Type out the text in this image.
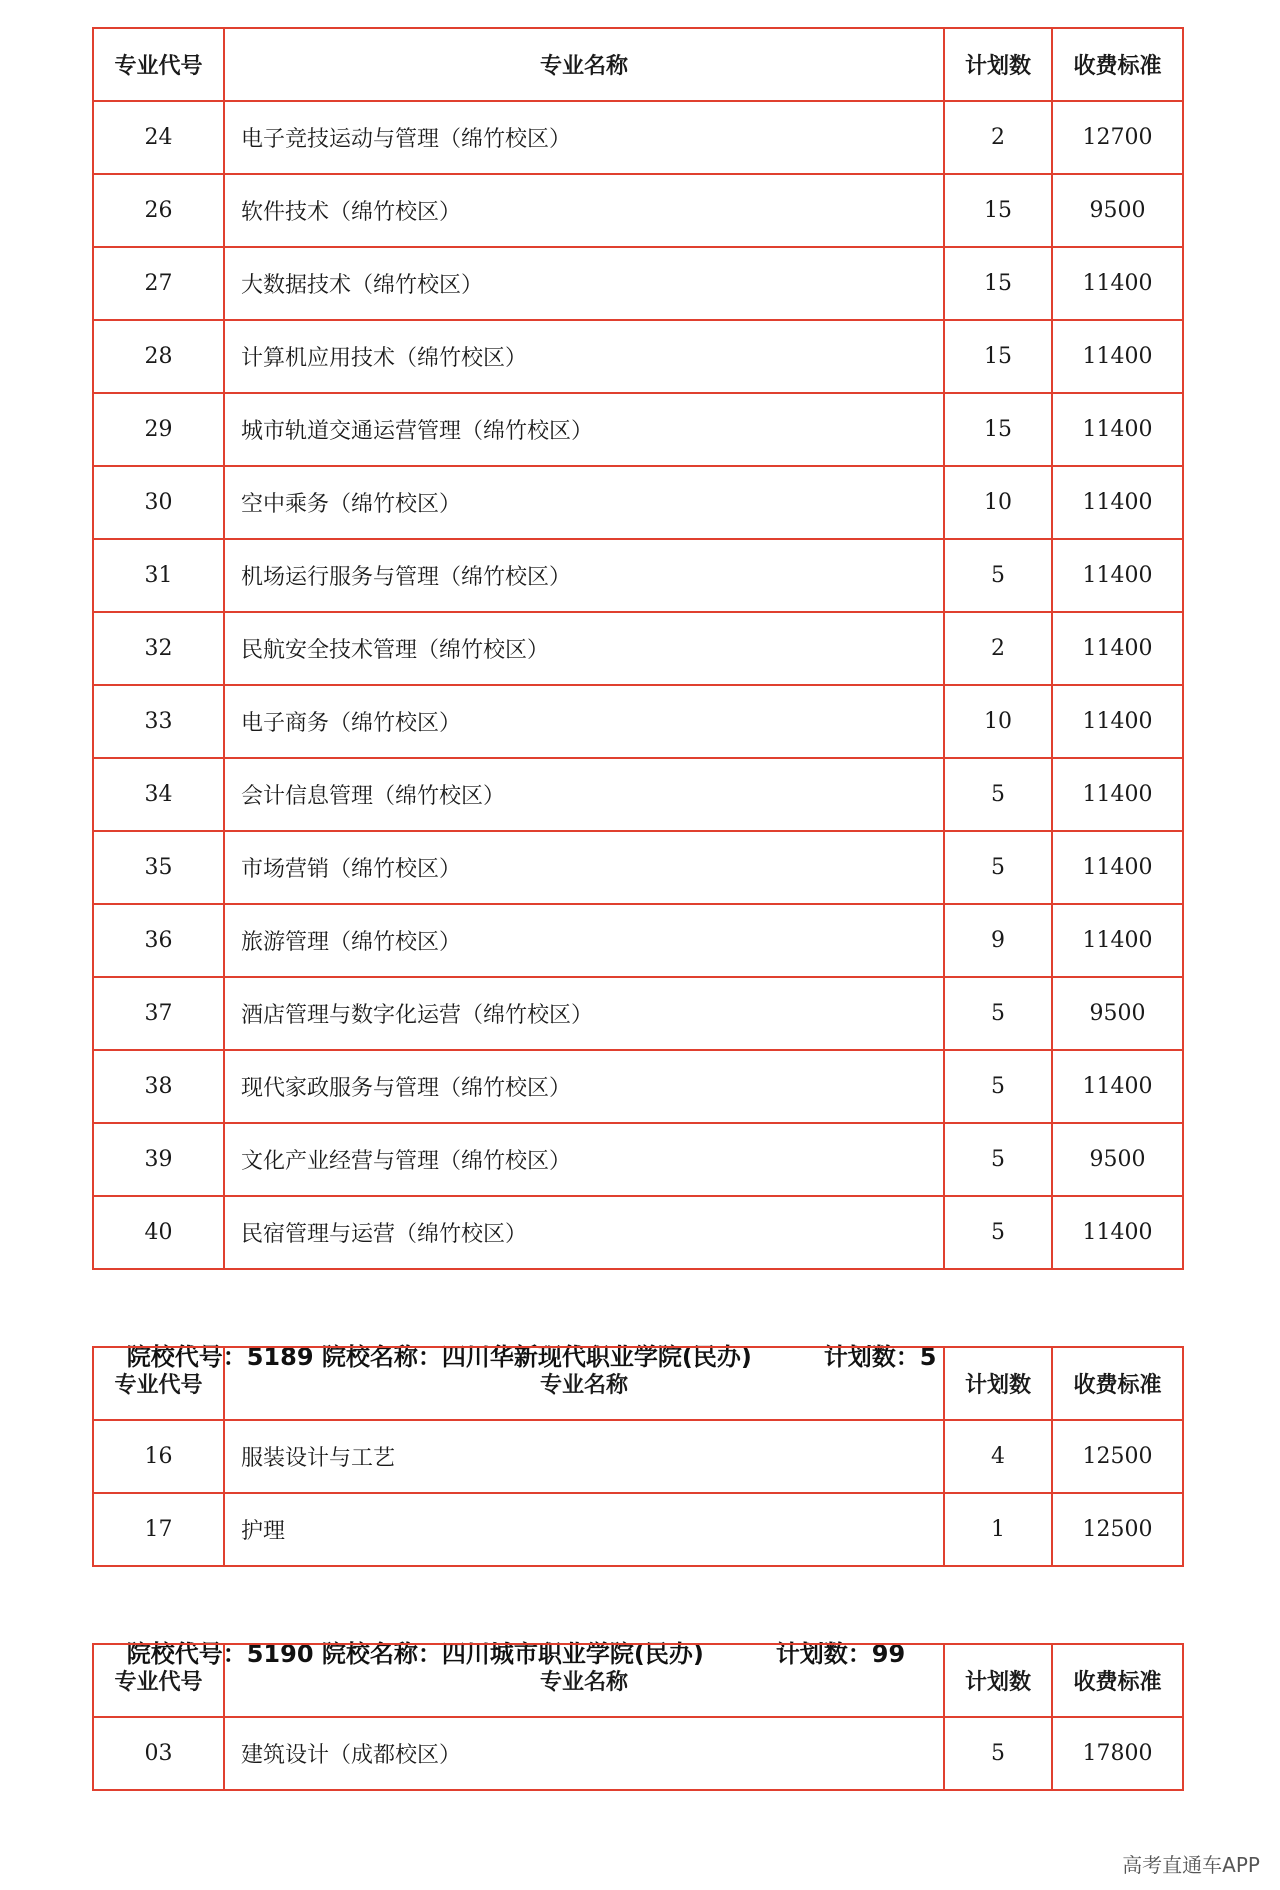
专业代号	专业名称	计划数	收费标准
24	电子竞技运动与管理（绵竹校区）	2	12700
26	软件技术（绵竹校区）	15	9500
27	大数据技术（绵竹校区）	15	11400
28	计算机应用技术（绵竹校区）	15	11400
29	城市轨道交通运营管理（绵竹校区）	15	11400
30	空中乘务（绵竹校区）	10	11400
31	机场运行服务与管理（绵竹校区）	5	11400
32	民航安全技术管理（绵竹校区）	2	11400
33	电子商务（绵竹校区）	10	11400
34	会计信息管理（绵竹校区）	5	11400
35	市场营销（绵竹校区）	5	11400
36	旅游管理（绵竹校区）	9	11400
37	酒店管理与数字化运营（绵竹校区）	5	9500
38	现代家政服务与管理（绵竹校区）	5	11400
39	文化产业经营与管理（绵竹校区）	5	9500
40	民宿管理与运营（绵竹校区）	5	11400

院校代号：5189 院校名称：四川华新现代职业学院(民办)	计划数：5

专业代号	专业名称	计划数	收费标准
16	服装设计与工艺	4	12500
17	护理	1	12500

院校代号：5190 院校名称：四川城市职业学院(民办)	计划数：99

专业代号	专业名称	计划数	收费标准
03	建筑设计（成都校区）	5	17800
高考直通车APP
